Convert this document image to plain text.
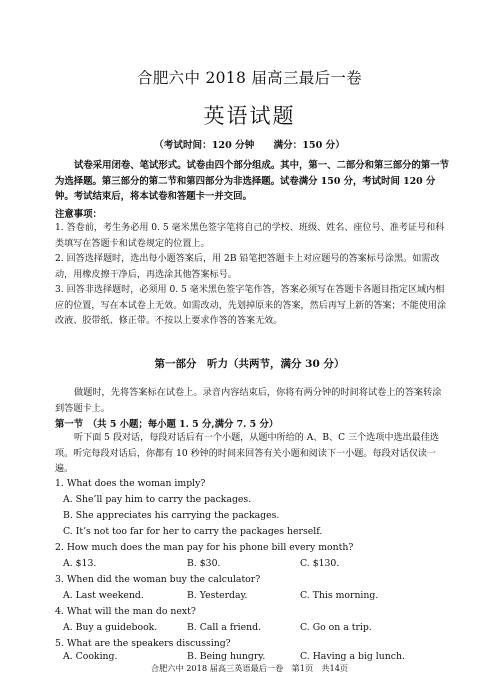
合肥六中 2018 届高三最后一卷
英语试题
（考试时间：120 分钟　　满分：150 分）
试卷采用闭卷、笔试形式。试卷由四个部分组成。其中，第一、二部分和第三部分的第一节为选择题。第三部分的第二节和第四部分为非选择题。试卷满分 150 分，考试时间 120 分钟。考试结束后，将本试卷和答题卡一并交回。
注意事项：
1. 答卷前，考生务必用 0. 5 毫米黑色签字笔将自己的学校、班级、姓名、座位号、准考证号和科类填写在答题卡和试卷规定的位置上。
2. 回答选择题时，选出每小题答案后，用 2B 铅笔把答题卡上对应题号的答案标号涂黑。如需改动，用橡皮擦干净后，再选涂其他答案标号。
3. 回答非选择题时，必须用 0. 5 毫米黑色签字笔作答，答案必须写在答题卡各题目指定区域内相应的位置，写在本试卷上无效。如需改动，先划掉原来的答案，然后再写上新的答案；不能使用涂改液、胶带纸、修正带。不按以上要求作答的答案无效。
第一部分　听力（共两节，满分 30 分）
做题时，先将答案标在试卷上。录音内容结束后，你将有两分钟的时间将试卷上的答案转涂到答题卡上。
第一节　（共 5 小题；每小题 1. 5 分,满分 7. 5 分）
听下面 5 段对话，每段对话后有一个小题，从题中所给的 A、B、C 三个选项中选出最佳选项。听完每段对话后，你都有 10 秒钟的时间来回答有关小题和阅读下一小题。每段对话仅读一遍。
1. What does the woman imply?
A. She’ll pay him to carry the packages.
B. She appreciates his carrying the packages.
C. It’s not too far for her to carry the packages herself.
2. How much does the man pay for his phone bill every month?
A. $13.	B. $30.	C. $130.
3. When did the woman buy the calculator?
A. Last weekend.	B. Yesterday.	C. This morning.
4. What will the man do next?
A. Buy a guidebook.	B. Call a friend.	C. Go on a trip.
5. What are the speakers discussing?
A. Cooking.	B. Being hungry.	C. Having a big lunch.
合肥六中 2018 届高三英语最后一卷　第1页　共14页
